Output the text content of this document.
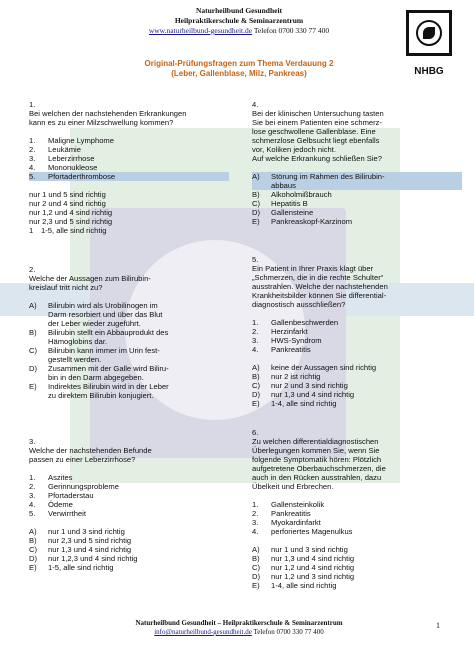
Naturheilbund Gesundheit
Heilpraktikerschule & Seminarzentrum
www.naturheilbund-gesundheit.de Telefon 0700 330 77 400
NHBG
Original-Prüfungsfragen zum Thema Verdauung 2
(Leber, Gallenblase, Milz, Pankreas)
1.
Bei welchen der nachstehenden Erkrankungen
kann es zu einer Milzschwellung kommen?
1.	Maligne Lymphome
2.	Leukämie
3.	Leberzirrhose
4.	Mononukleose
5.	Pfortaderthrombose
nur 1 und 5 sind richtig
nur 2 und 4 sind richtig
nur 1,2 und 4 sind richtig
nur 2,3 und 5 sind richtig
1	1-5, alle sind richtig
2.
Welche der Aussagen zum Bilirubin-
kreislauf tritt nicht zu?
A)	Bilirubin wird als Urobilinogen im
Darm resorbiert und über das Blut
der Leber wieder zugeführt.
B)	Bilirubin stellt ein Abbauprodukt des
Hämoglobins dar.
C)	Bilirubin kann immer im Urin fest-
gestellt werden.
D)	Zusammen mit der Galle wird Biliru-
bin in den Darm abgegeben.
E)	Indirektes Bilirubin wird in der Leber
zu direktem Bilirubin konjugiert.
3.
Welche der nachstehenden Befunde
passen zu einer Leberzirrhose?
1.	Aszites
2.	Gerinnungsprobleme
3.	Pfortaderstau
4.	Ödeme
5.	Verwirrtheit
A)	nur 1 und 3 sind richtig
B)	nur 2,3 und 5 sind richtig
C)	nur 1,3 und 4 sind richtig
D)	nur 1,2,3 und 4 sind richtig
E)	1-5, alle sind richtig
4.
Bei der klinischen Untersuchung tasten
Sie bei einem Patienten eine schmerz-
lose geschwollene Gallenblase. Eine
schmerzlose Gelbsucht liegt ebenfalls
vor, Koliken jedoch nicht.
Auf welche Erkrankung schließen Sie?
A)	Störung im Rahmen des Bilirubin-
abbaus
B)	Alkoholmißbrauch
C)	Hepatitis B
D)	Gallensteine
E)	Pankreaskopf-Karzinom
5.
Ein Patient in Ihrer Praxis klagt über
„Schmerzen, die in die rechte Schulter“
ausstrahlen. Welche der nachstehenden
Krankheitsbilder können Sie differential-
diagnostisch ausschließen?
1.	Gallenbeschwerden
2.	Herzinfarkt
3.	HWS-Syndrom
4.	Pankreatitis
A)	keine der Aussagen sind richtig
B)	nur 2 ist richtig
C)	nur 2 und 3 sind richtig
D)	nur 1,3 und 4 sind richtig
E)	1-4, alle sind richtig
6.
Zu welchen differentialdiagnostischen
Überlegungen kommen Sie, wenn Sie
folgende Symptomatik hören: Plötzlich
aufgetretene Oberbauchschmerzen, die
auch in den Rücken ausstrahlen, dazu
Übelkeit und Erbrechen.
1.	Gallensteinkolik
2.	Pankreatitis
3.	Myokardinfarkt
4.	perforiertes Magenulkus
A)	nur 1 und 3 sind richtig
B)	nur 1,3 und 4 sind richtig
C)	nur 1,2 und 4 sind richtig
D)	nur 1,2 und 3 sind richtig
E)	1-4, alle sind richtig
Naturheilbund Gesundheit – Heilpraktikerschule & Seminarzentrum
info@naturheilbund-gesundheit.de Telefon 0700 330 77 400
1
